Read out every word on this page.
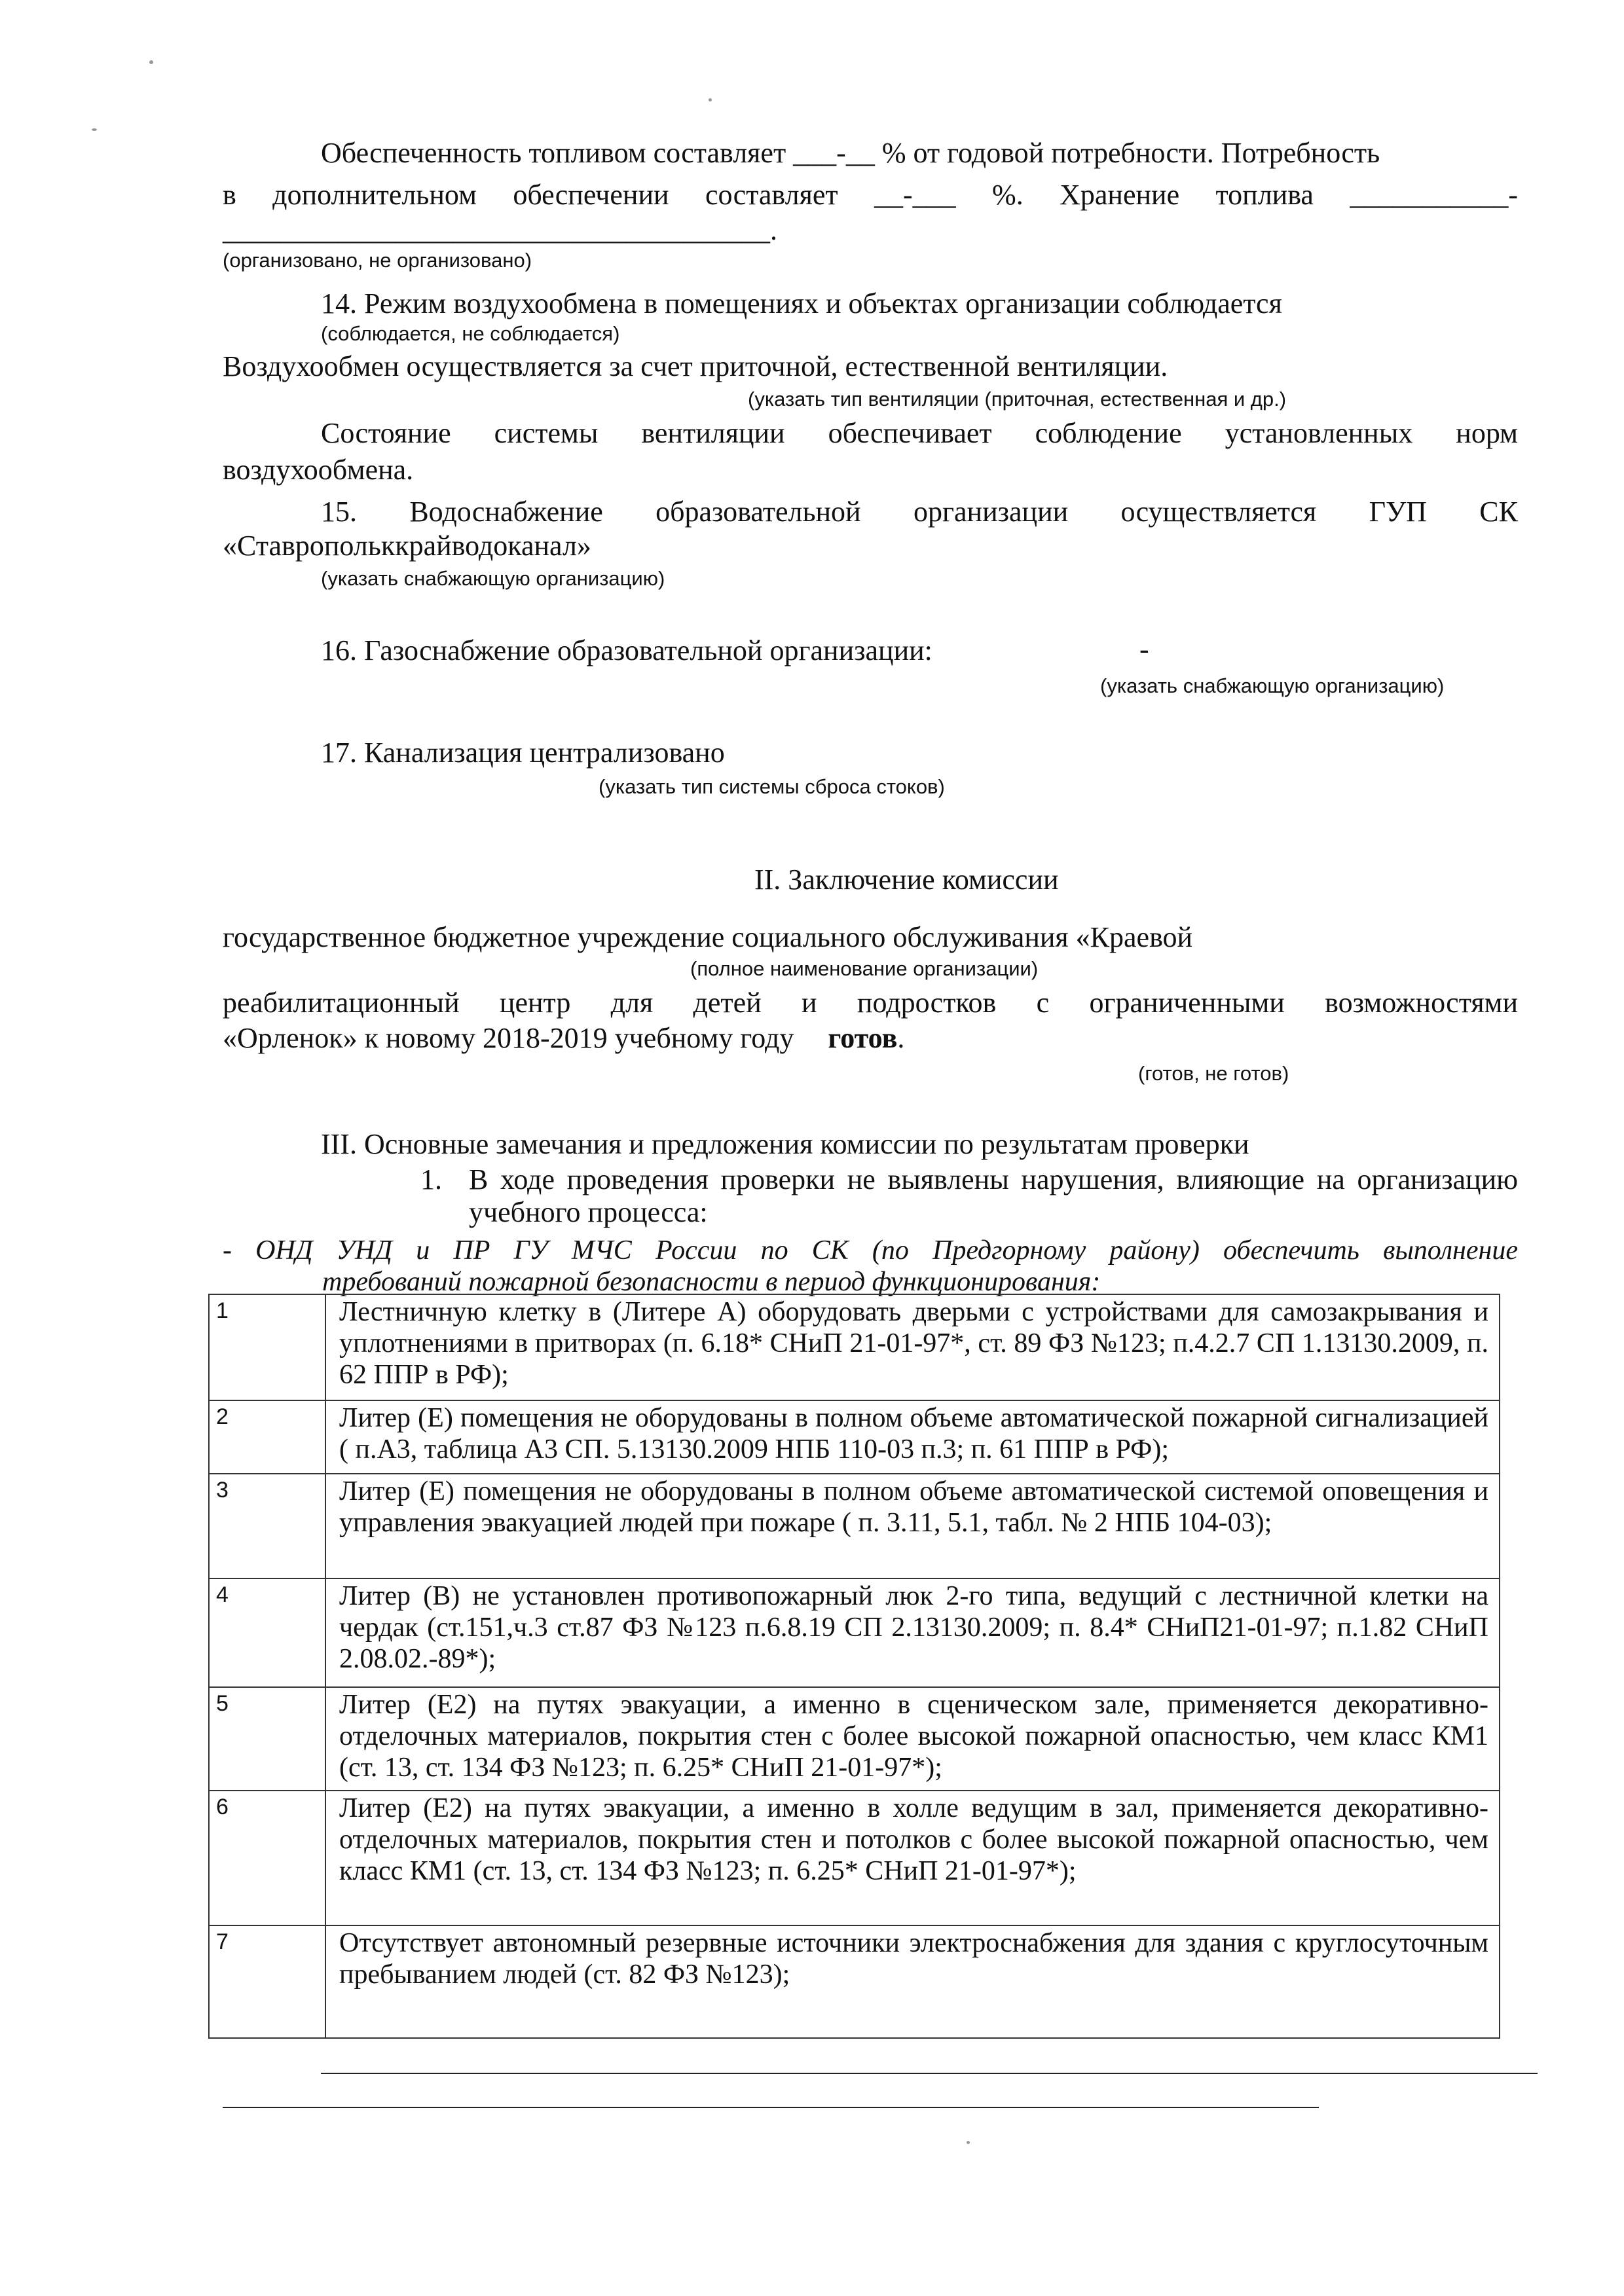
Обеспеченность топливом составляет ___-__ % от годовой потребности. Потребность
в дополнительном обеспечении составляет __-___ %. Хранение топлива ___________-
______________________________________.
(организовано, не организовано)
14. Режим воздухообмена в помещениях и объектах организации соблюдается
(соблюдается, не соблюдается)
Воздухообмен осуществляется за счет приточной, естественной вентиляции.
(указать тип вентиляции (приточная, естественная и др.)
Состояние системы вентиляции обеспечивает соблюдение установленных норм
воздухообмена.
15. Водоснабжение образовательной организации осуществляется ГУП СК
«Ставропольккрайводоканал»
(указать снабжающую организацию)
16. Газоснабжение образовательной организации:	-
(указать снабжающую организацию)
17. Канализация централизовано
(указать тип системы сброса стоков)
II. Заключение комиссии
государственное бюджетное учреждение социального обслуживания «Краевой
(полное наименование организации)
реабилитационный центр для детей и подростков с ограниченными возможностями
«Орленок» к новому 2018-2019 учебному году готов.
(готов, не готов)
III. Основные замечания и предложения комиссии по результатам проверки
1. В ходе проведения проверки не выявлены нарушения, влияющие на организацию
учебного процесса:
- ОНД УНД и ПР ГУ МЧС России по СК (по Предгорному району) обеспечить выполнение
требований пожарной безопасности в период функционирования:
1	Лестничную клетку в (Литере А) оборудовать дверьми с устройствами для самозакрывания и уплотнениями в притворах (п. 6.18* СНиП 21-01-97*, ст. 89 ФЗ №123; п.4.2.7 СП 1.13130.2009, п. 62 ППР в РФ);
2	Литер (Е) помещения не оборудованы в полном объеме автоматической пожарной сигнализацией ( п.А3, таблица А3 СП. 5.13130.2009 НПБ 110-03 п.3; п. 61 ППР в РФ);
3	Литер (Е) помещения не оборудованы в полном объеме автоматической системой оповещения и управления эвакуацией людей при пожаре ( п. 3.11, 5.1, табл. № 2 НПБ 104-03);
4	Литер (В) не установлен противопожарный люк 2-го типа, ведущий с лестничной клетки на чердак (ст.151,ч.3 ст.87 ФЗ №123 п.6.8.19 СП 2.13130.2009; п. 8.4* СНиП21-01-97; п.1.82 СНиП 2.08.02.-89*);
5	Литер (Е2) на путях эвакуации, а именно в сценическом зале, применяется декоративно-отделочных материалов, покрытия стен с более высокой пожарной опасностью, чем класс КМ1 (ст. 13, ст. 134 ФЗ №123; п. 6.25* СНиП 21-01-97*);
6	Литер (Е2) на путях эвакуации, а именно в холле ведущим в зал, применяется декоративно-отделочных материалов, покрытия стен и потолков с более высокой пожарной опасностью, чем класс КМ1 (ст. 13, ст. 134 ФЗ №123; п. 6.25* СНиП 21-01-97*);
7	Отсутствует автономный резервные источники электроснабжения для здания с круглосуточным пребыванием людей (ст. 82 ФЗ №123);
